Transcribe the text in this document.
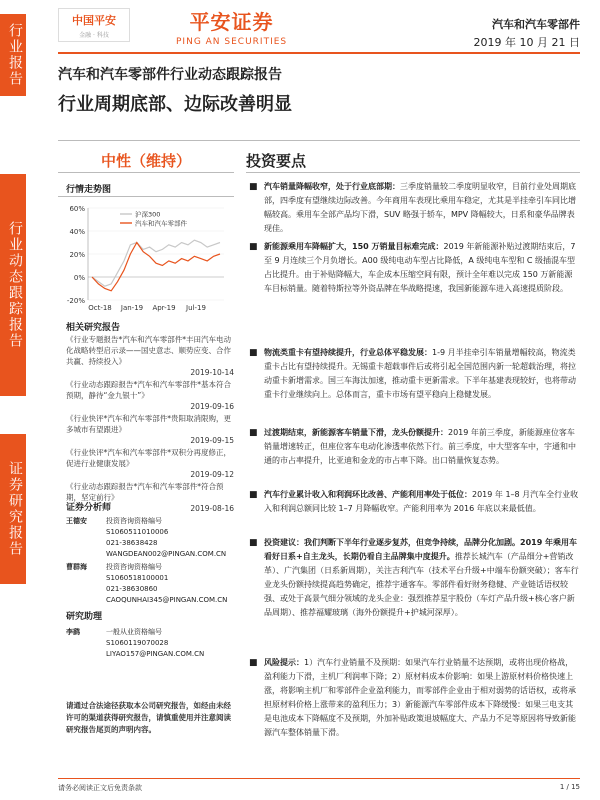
行业报告
行业动态跟踪报告
证券研究报告
中国平安
金融 · 科技
平安证券
PING AN SECURITIES
汽车和汽车零部件
2019 年 10 月 21 日
汽车和汽车零部件行业动态跟踪报告
行业周期底部、边际改善明显
中性（维持）
行情走势图
沪深300
汽车和汽车零部件
-20%
0%
20%
40%
60%
Oct-18 Jan-19 Apr-19 Jul-19
相关研究报告
《行业专题报告*汽车和汽车零部件*丰田汽车电动化战略转型启示录——国史意志、顺势应变、合作共赢、持续投入》
2019-10-14
《行业动态跟踪报告*汽车和汽车零部件*基本符合预期，静待“金九银十”》
2019-09-16
《行业快评*汽车和汽车零部件*贵阳取消限购，更多城市有望跟进》
2019-09-15
《行业快评*汽车和汽车零部件*双积分再度修正，促进行业健康发展》
2019-09-12
《行业动态跟踪报告*汽车和汽车零部件*符合预期，坚定前行》
2019-08-16
证券分析师
王德安	投资咨询资格编号
S1060511010006
021-38638428
WANGDEAN002@PINGAN.COM.CN
曹群海	投资咨询资格编号
S1060518100001
021-38630860
CAOQUNHAI345@PINGAN.COM.CN
研究助理
李鹞	一般从业资格编号
S1060119070028
LIYAO157@PINGAN.COM.CN
请通过合法途径获取本公司研究报告，如经由未经许可的渠道获得研究报告，请慎重使用并注意阅读研究报告尾页的声明内容。
投资要点
■ 汽车销量降幅收窄，处于行业底部期：三季度销量较二季度明显收窄，目前行业处周期底部，四季度有望继续边际改善。今年商用车表现比乘用车稳定，尤其是半挂牵引车同比增幅较高。乘用车全部产品均下滑，SUV 略强于轿车，MPV 降幅较大，日系和豪华品牌表现佳。
■ 新能源乘用车降幅扩大，150 万销量目标难完成：2019 年新能源补贴过渡期结束后，7 至 9 月连续三个月负增长。A00 级纯电动车型占比降低，A 级纯电车型和 C 级插混车型占比提升。由于补贴降幅大，车企成本压缩空间有限，预计全年难以完成 150 万新能源车目标销量。随着特斯拉等外资品牌在华战略提速，我国新能源车进入高速提质阶段。
■ 物流类重卡有望持续提升，行业总体平稳发展：1-9 月半挂牵引车销量增幅较高，物流类重卡占比有望持续提升。无锡重卡超载事件后或将引起全国范围内新一轮超载治理，将拉动重卡新增需求。国三车海汰加速，推动重卡更新需求。下半年基建表现较好，也将带动重卡行业继续向上。总体而言，重卡市场有望平稳向上稳健发展。
■ 过渡期结束，新能源客车销量下滑，龙头份额提升：2019 年前三季度，新能源座位客车销量增速转正，但座位客车电动化渗透率依然下行。前三季度，中大型客车中，宇通和中通的市占率提升，比亚迪和金龙的市占率下降。出口销量恢复态势。
■ 汽车行业累计收入和利润环比改善、产能利用率处于低位：2019 年 1–8 月汽车全行业收入和利润总额同比较 1–7 月降幅收窄。产能利用率为 2016 年底以来最低值。
■ 投资建议：我们判断下半年行业逐步复苏，但竞争持续，品牌分化加剧。2019 年乘用车看好日系+自主龙头，长期仍看自主品牌集中度提升。推荐长城汽车（产品细分+营销改革）、广汽集团（日系新周期），关注吉利汽车（技术平台升级+中端车份额突破）；客车行业龙头份额持续提高趋势确定，推荐宇通客车。零部件看好财务稳健、产业链话语权较强、或处于高景气细分领域的龙头企业：强烈推荐星宇股份（车灯产品升级+核心客户新品周期）、推荐福耀玻璃（海外份额提升+护城河深厚）。
■ 风险提示：1）汽车行业销量不及预期：如果汽车行业销量不达预期，或将出现价格战，盈利能力下滑，主机厂利润率下降；2）原材料成本价影响：如果上游原材料价格快速上涨，将影响主机厂和零部件企业盈利能力，而零部件企业由于相对弱势的话语权，或将承担原材料价格上涨带来的盈利压力；3）新能源汽车零部件成本下降缓慢：如果三电支其是电池成本下降幅度不及预期，外加补贴政策退坡幅度大、产品力不足等原因将导致新能源汽车整体销量下滑。
请务必阅读正文后免责条款	1 / 15
